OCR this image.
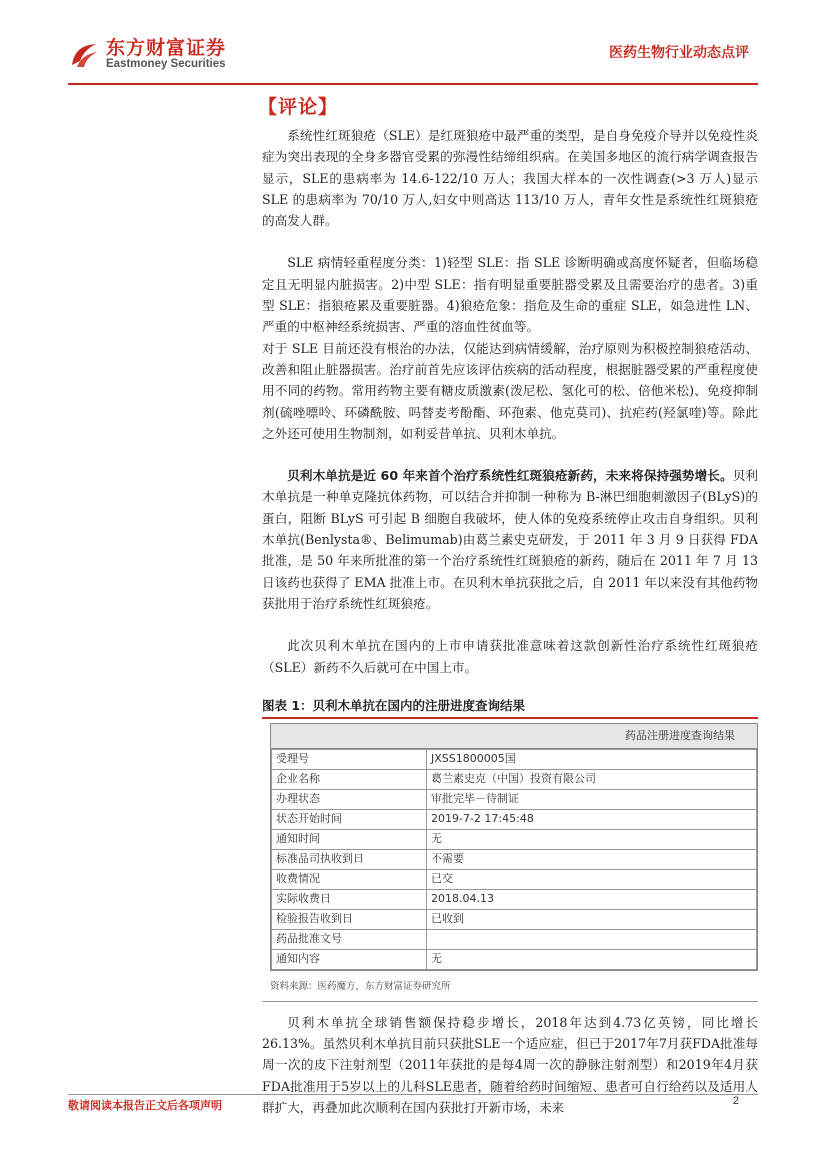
东方财富证券
Eastmoney Securities
医药生物行业动态点评
【评论】

系统性红斑狼疮（SLE）是红斑狼疮中最严重的类型，是自身免疫介导并以免疫性炎症为突出表现的全身多器官受累的弥漫性结缔组织病。在美国多地区的流行病学调查报告显示，SLE的患病率为 14.6-122/10 万人；我国大样本的一次性调查(>3 万人)显示 SLE 的患病率为 70/10 万人,妇女中则高达 113/10 万人，青年女性是系统性红斑狼疮的高发人群。

SLE 病情轻重程度分类：1)轻型 SLE：指 SLE 诊断明确或高度怀疑者，但临场稳定且无明显内脏损害。2)中型 SLE：指有明显重要脏器受累及且需要治疗的患者。3)重型 SLE：指狼疮累及重要脏器。4)狼疮危象：指危及生命的重症 SLE，如急进性 LN、严重的中枢神经系统损害、严重的溶血性贫血等。

对于 SLE 目前还没有根治的办法，仅能达到病情缓解，治疗原则为积极控制狼疮活动、改善和阻止脏器损害。治疗前首先应该评估疾病的活动程度，根据脏器受累的严重程度使用不同的药物。常用药物主要有糖皮质激素(泼尼松、氢化可的松、倍他米松)、免疫抑制剂(硫唑嘌呤、环磷酰胺、吗替麦考酚酯、环孢素、他克莫司)、抗疟药(羟氯喹)等。除此之外还可使用生物制剂，如利妥昔单抗、贝利木单抗。

贝利木单抗是近 60 年来首个治疗系统性红斑狼疮新药，未来将保持强势增长。贝利木单抗是一种单克隆抗体药物，可以结合并抑制一种称为 B-淋巴细胞刺激因子(BLyS)的蛋白，阻断 BLyS 可引起 B 细胞自我破坏，使人体的免疫系统停止攻击自身组织。贝利木单抗(Benlysta®、Belimumab)由葛兰素史克研发，于 2011 年 3 月 9 日获得 FDA 批准，是 50 年来所批准的第一个治疗系统性红斑狼疮的新药，随后在 2011 年 7 月 13 日该药也获得了 EMA 批准上市。在贝利木单抗获批之后，自 2011 年以来没有其他药物获批用于治疗系统性红斑狼疮。

此次贝利木单抗在国内的上市申请获批准意味着这款创新性治疗系统性红斑狼疮（SLE）新药不久后就可在中国上市。

图表 1：贝利木单抗在国内的注册进度查询结果
药品注册进度查询结果
受理号	JXSS1800005国
企业名称	葛兰素史克（中国）投资有限公司
办理状态	审批完毕－待制证
状态开始时间	2019-7-2 17:45:48
通知时间	无
标准品司执收到日	不需要
收费情况	已交
实际收费日	2018.04.13
检验报告收到日	已收到
药品批准文号	
通知内容	无
资料来源：医药魔方，东方财富证券研究所

贝利木单抗全球销售额保持稳步增长，2018年达到4.73亿英镑，同比增长 26.13%。虽然贝利木单抗目前只获批SLE一个适应症，但已于2017年7月获FDA批准每周一次的皮下注射剂型（2011年获批的是每4周一次的静脉注射剂型）和2019年4月获FDA批准用于5岁以上的儿科SLE患者，随着给药时间缩短、患者可自行给药以及适用人群扩大，再叠加此次顺利在国内获批打开新市场，未来

敬请阅读本报告正文后各项声明	2
